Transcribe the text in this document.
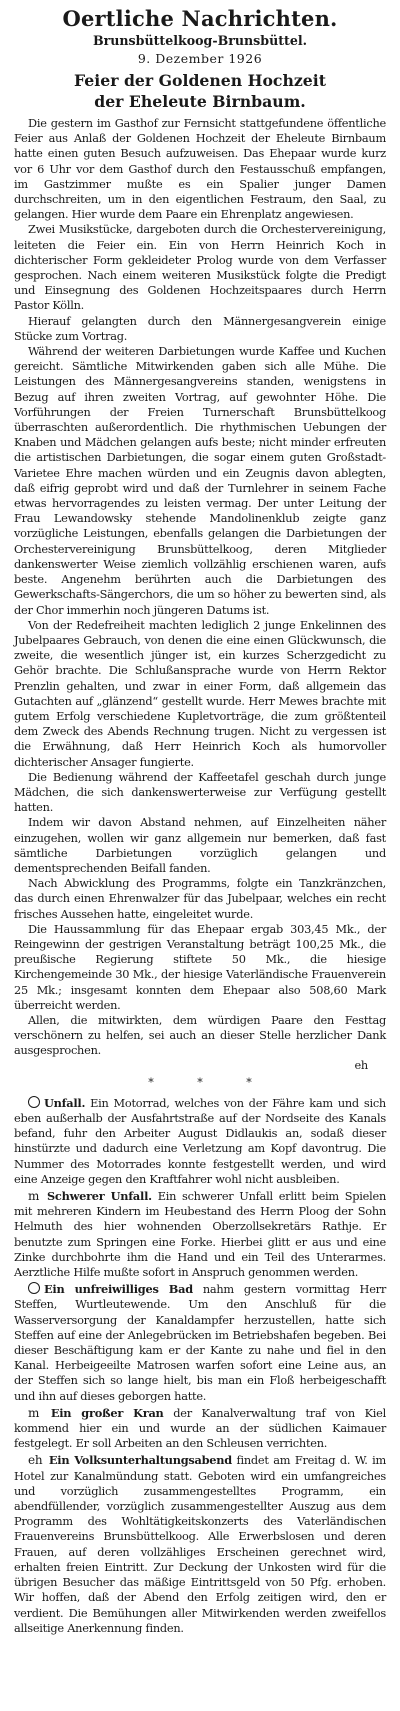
Oertliche Nachrichten.
Brunsbüttelkoog-Brunsbüttel.
9. Dezember 1926
Feier der Goldenen Hochzeit
der Eheleute Birnbaum.

Die gestern im Gasthof zur Fernsicht stattgefundene öffentliche Feier aus Anlaß der Goldenen Hochzeit der Eheleute Birnbaum hatte einen guten Besuch aufzuweisen. Das Ehepaar wurde kurz vor 6 Uhr vor dem Gasthof durch den Festausschuß empfangen, im Gastzimmer mußte es ein Spalier junger Damen durchschreiten, um in den eigentlichen Festraum, den Saal, zu gelangen. Hier wurde dem Paare ein Ehrenplatz angewiesen.

Zwei Musikstücke, dargeboten durch die Orchestervereinigung, leiteten die Feier ein. Ein von Herrn Heinrich Koch in dichterischer Form gekleideter Prolog wurde von dem Verfasser gesprochen. Nach einem weiteren Musikstück folgte die Predigt und Einsegnung des Goldenen Hochzeitspaares durch Herrn Pastor Kölln.

Hierauf gelangten durch den Männergesangverein einige Stücke zum Vortrag.

Während der weiteren Darbietungen wurde Kaffee und Kuchen gereicht. Sämtliche Mitwirkenden gaben sich alle Mühe. Die Leistungen des Männergesangvereins standen, wenigstens in Bezug auf ihren zweiten Vortrag, auf gewohnter Höhe. Die Vorführungen der Freien Turnerschaft Brunsbüttelkoog überraschten außerordentlich. Die rhythmischen Uebungen der Knaben und Mädchen gelangen aufs beste; nicht minder erfreuten die artistischen Darbietungen, die sogar einem guten Großstadt-Varietee Ehre machen würden und ein Zeugnis davon ablegten, daß eifrig geprobt wird und daß der Turnlehrer in seinem Fache etwas hervorragendes zu leisten vermag. Der unter Leitung der Frau Lewandowsky stehende Mandolinenklub zeigte ganz vorzügliche Leistungen, ebenfalls gelangen die Darbietungen der Orchestervereinigung Brunsbüttelkoog, deren Mitglieder dankenswerter Weise ziemlich vollzählig erschienen waren, aufs beste. Angenehm berührten auch die Darbietungen des Gewerkschafts-Sängerchors, die um so höher zu bewerten sind, als der Chor immerhin noch jüngeren Datums ist.

Von der Redefreiheit machten lediglich 2 junge Enkelinnen des Jubelpaares Gebrauch, von denen die eine einen Glückwunsch, die zweite, die wesentlich jünger ist, ein kurzes Scherzgedicht zu Gehör brachte. Die Schlußansprache wurde von Herrn Rektor Prenzlin gehalten, und zwar in einer Form, daß allgemein das Gutachten auf „glänzend“ gestellt wurde. Herr Mewes brachte mit gutem Erfolg verschiedene Kupletvorträge, die zum größtenteil dem Zweck des Abends Rechnung trugen. Nicht zu vergessen ist die Erwähnung, daß Herr Heinrich Koch als humorvoller dichterischer Ansager fungierte.

Die Bedienung während der Kaffeetafel geschah durch junge Mädchen, die sich dankenswerterweise zur Verfügung gestellt hatten.

Indem wir davon Abstand nehmen, auf Einzelheiten näher einzugehen, wollen wir ganz allgemein nur bemerken, daß fast sämtliche Darbietungen vorzüglich gelangen und dementsprechenden Beifall fanden.

Nach Abwicklung des Programms, folgte ein Tanzkränzchen, das durch einen Ehrenwalzer für das Jubelpaar, welches ein recht frisches Aussehen hatte, eingeleitet wurde.

Die Haussammlung für das Ehepaar ergab 303,45 Mk., der Reingewinn der gestrigen Veranstaltung beträgt 100,25 Mk., die preußische Regierung stiftete 50 Mk., die hiesige Kirchengemeinde 30 Mk., der hiesige Vaterländische Frauenverein 25 Mk.; insgesamt konnten dem Ehepaar also 508,60 Mark überreicht werden.

Allen, die mitwirkten, dem würdigen Paare den Festtag verschönern zu helfen, sei auch an dieser Stelle herzlicher Dank ausgesprochen.

eh
* * *

Unfall. Ein Motorrad, welches von der Fähre kam und sich eben außerhalb der Ausfahrtstraße auf der Nordseite des Kanals befand, fuhr den Arbeiter August Didlaukis an, sodaß dieser hinstürzte und dadurch eine Verletzung am Kopf davontrug. Die Nummer des Motorrades konnte festgestellt werden, und wird eine Anzeige gegen den Kraftfahrer wohl nicht ausbleiben.

m Schwerer Unfall. Ein schwerer Unfall erlitt beim Spielen mit mehreren Kindern im Heubestand des Herrn Ploog der Sohn Helmuth des hier wohnenden Oberzollsekretärs Rathje. Er benutzte zum Springen eine Forke. Hierbei glitt er aus und eine Zinke durchbohrte ihm die Hand und ein Teil des Unterarmes. Aerztliche Hilfe mußte sofort in Anspruch genommen werden.

Ein unfreiwilliges Bad nahm gestern vormittag Herr Steffen, Wurtleutewende. Um den Anschluß für die Wasserversorgung der Kanaldampfer herzustellen, hatte sich Steffen auf eine der Anlegebrücken im Betriebshafen begeben. Bei dieser Beschäftigung kam er der Kante zu nahe und fiel in den Kanal. Herbeigeeilte Matrosen warfen sofort eine Leine aus, an der Steffen sich so lange hielt, bis man ein Floß herbeigeschafft und ihn auf dieses geborgen hatte.

m Ein großer Kran der Kanalverwaltung traf von Kiel kommend hier ein und wurde an der südlichen Kaimauer festgelegt. Er soll Arbeiten an den Schleusen verrichten.

eh Ein Volksunterhaltungsabend findet am Freitag d. W. im Hotel zur Kanalmündung statt. Geboten wird ein umfangreiches und vorzüglich zusammengestelltes Programm, ein abendfüllender, vorzüglich zusammengestellter Auszug aus dem Programm des Wohltätigkeitskonzerts des Vaterländischen Frauenvereins Brunsbüttelkoog. Alle Erwerbslosen und deren Frauen, auf deren vollzähliges Erscheinen gerechnet wird, erhalten freien Eintritt. Zur Deckung der Unkosten wird für die übrigen Besucher das mäßige Eintrittsgeld von 50 Pfg. erhoben. Wir hoffen, daß der Abend den Erfolg zeitigen wird, den er verdient. Die Bemühungen aller Mitwirkenden werden zweifellos allseitige Anerkennung finden.
